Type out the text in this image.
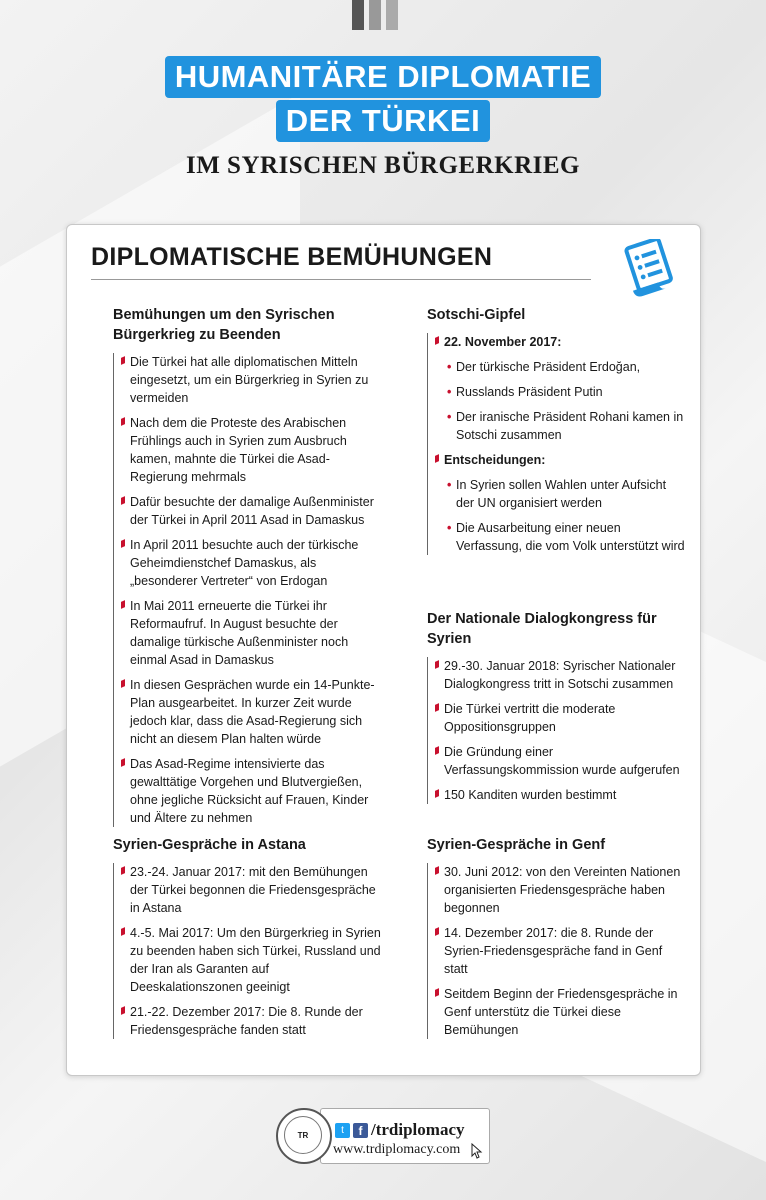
HUMANITÄRE DIPLOMATIE
DER TÜRKEI
IM SYRISCHEN BÜRGERKRIEG
DIPLOMATISCHE BEMÜHUNGEN
Bemühungen um den Syrischen Bürgerkrieg zu Beenden
Die Türkei hat alle diplomatischen Mitteln eingesetzt, um ein Bürgerkrieg in Syrien zu vermeiden
Nach dem die Proteste des Arabischen Frühlings auch in Syrien zum Ausbruch kamen, mahnte die Türkei die Asad-Regierung mehrmals
Dafür besuchte der damalige Außenminister der Türkei in April 2011 Asad in Damaskus
In April 2011 besuchte auch der türkische Geheimdienstchef Damaskus, als „besonderer Vertreter“ von Erdogan
In Mai 2011 erneuerte die Türkei ihr Reformaufruf. In August besuchte der damalige türkische Außenminister noch einmal Asad in Damaskus
In diesen Gesprächen wurde ein 14-Punkte-Plan ausgearbeitet. In kurzer Zeit wurde jedoch klar, dass die Asad-Regierung sich nicht an diesem Plan halten würde
Das Asad-Regime intensivierte das gewalttätige Vorgehen und Blutvergießen, ohne jegliche Rücksicht auf Frauen, Kinder und Ältere zu nehmen
Syrien-Gespräche in Astana
23.-24. Januar 2017: mit den Bemühungen der Türkei begonnen die Friedensgespräche in Astana
4.-5. Mai 2017: Um den Bürgerkrieg in Syrien zu beenden haben sich Türkei, Russland und der Iran als Garanten auf Deeskalationszonen geeinigt
21.-22. Dezember 2017: Die 8. Runde der Friedensgespräche fanden statt
Sotschi-Gipfel
22. November 2017:
• Der türkische Präsident Erdoğan,
• Russlands Präsident Putin
• Der iranische Präsident Rohani kamen in Sotschi zusammen
Entscheidungen:
• In Syrien sollen Wahlen unter Aufsicht der UN organisiert werden
• Die Ausarbeitung einer neuen Verfassung, die vom Volk unterstützt wird
Der Nationale Dialogkongress für Syrien
29.-30. Januar 2018: Syrischer Nationaler Dialogkongress tritt in Sotschi zusammen
Die Türkei vertritt die moderate Oppositionsgruppen
Die Gründung einer Verfassungskommission wurde aufgerufen
150 Kanditen wurden bestimmt
Syrien-Gespräche in Genf
30. Juni 2012: von den Vereinten Nationen organisierten Friedensgespräche haben begonnen
14. Dezember 2017: die 8. Runde der Syrien-Friedensgespräche fand in Genf statt
Seitdem Beginn der Friedensgespräche in Genf unterstütz die Türkei diese Bemühungen
t	f /trdiplomacy
www.trdiplomacy.com
TR
